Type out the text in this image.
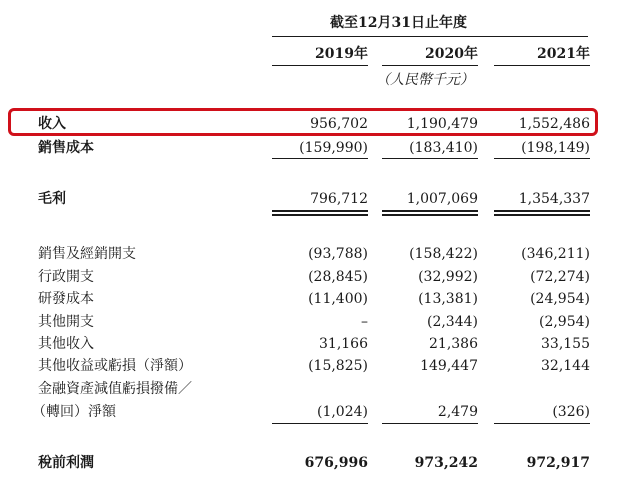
截至12月31日止年度
2019年	2020年	2021年
（人民幣千元）
收入	956,702	1,190,479	1,552,486
銷售成本	(159,990)	(183,410)	(198,149)
毛利	796,712	1,007,069	1,354,337
銷售及經銷開支	(93,788)	(158,422)	(346,211)
行政開支	(28,845)	(32,992)	(72,274)
研發成本	(11,400)	(13,381)	(24,954)
其他開支	–	(2,344)	(2,954)
其他收入	31,166	21,386	33,155
其他收益或虧損（淨額）	(15,825)	149,447	32,144
金融資產減值虧損撥備／
（轉回）淨額	(1,024)	2,479	(326)
稅前利潤	676,996	973,242	972,917
